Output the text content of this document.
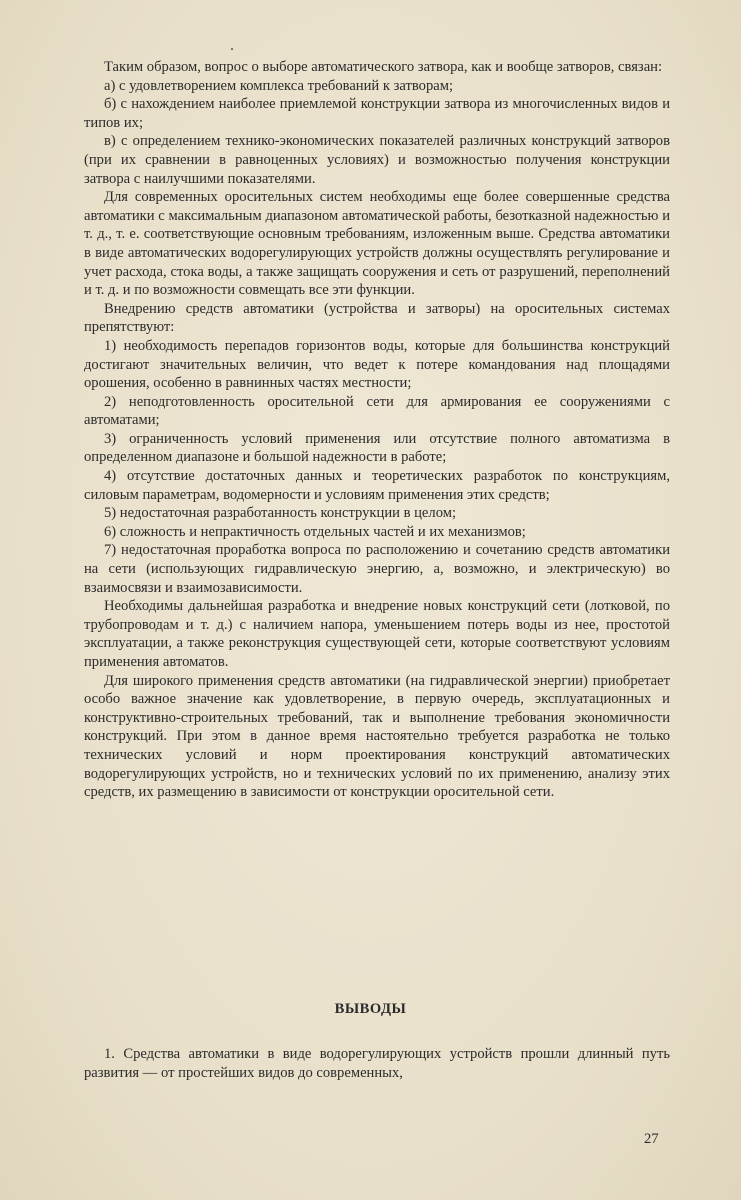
Таким образом, вопрос о выборе автоматического затвора, как и вообще затворов, связан:

а) с удовлетворением комплекса требований к затворам;

б) с нахождением наиболее приемлемой конструкции затвора из многочисленных видов и типов их;

в) с определением технико-экономических показателей различных конструкций затворов (при их сравнении в равноценных условиях) и возможностью получения конструкции затвора с наилучшими показателями.

Для современных оросительных систем необходимы еще более совершенные средства автоматики с максимальным диапазоном автоматической работы, безотказной надежностью и т. д., т. е. соответствующие основным требованиям, изложенным выше. Средства автоматики в виде автоматических водорегулирующих устройств должны осуществлять регулирование и учет расхода, стока воды, а также защищать сооружения и сеть от разрушений, переполнений и т. д. и по возможности совмещать все эти функции.

Внедрению средств автоматики (устройства и затворы) на оросительных системах препятствуют:

1) необходимость перепадов горизонтов воды, которые для большинства конструкций достигают значительных величин, что ведет к потере командования над площадями орошения, особенно в равнинных частях местности;

2) неподготовленность оросительной сети для армирования ее сооружениями с автоматами;

3) ограниченность условий применения или отсутствие полного автоматизма в определенном диапазоне и большой надежности в работе;

4) отсутствие достаточных данных и теоретических разработок по конструкциям, силовым параметрам, водомерности и условиям применения этих средств;

5) недостаточная разработанность конструкции в целом;

6) сложность и непрактичность отдельных частей и их механизмов;

7) недостаточная проработка вопроса по расположению и сочетанию средств автоматики на сети (использующих гидравлическую энергию, а, возможно, и электрическую) во взаимосвязи и взаимозависимости.

Необходимы дальнейшая разработка и внедрение новых конструкций сети (лотковой, по трубопроводам и т. д.) с наличием напора, уменьшением потерь воды из нее, простотой эксплуатации, а также реконструкция существующей сети, которые соответствуют условиям применения автоматов.

Для широкого применения средств автоматики (на гидравлической энергии) приобретает особо важное значение как удовлетворение, в первую очередь, эксплуатационных и конструктивно-строительных требований, так и выполнение требования экономичности конструкций. При этом в данное время настоятельно требуется разработка не только технических условий и норм проектирования конструкций автоматических водорегулирующих устройств, но и технических условий по их применению, анализу этих средств, их размещению в зависимости от конструкции оросительной сети.

ВЫВОДЫ

1. Средства автоматики в виде водорегулирующих устройств прошли длинный путь развития — от простейших видов до современных,

27
